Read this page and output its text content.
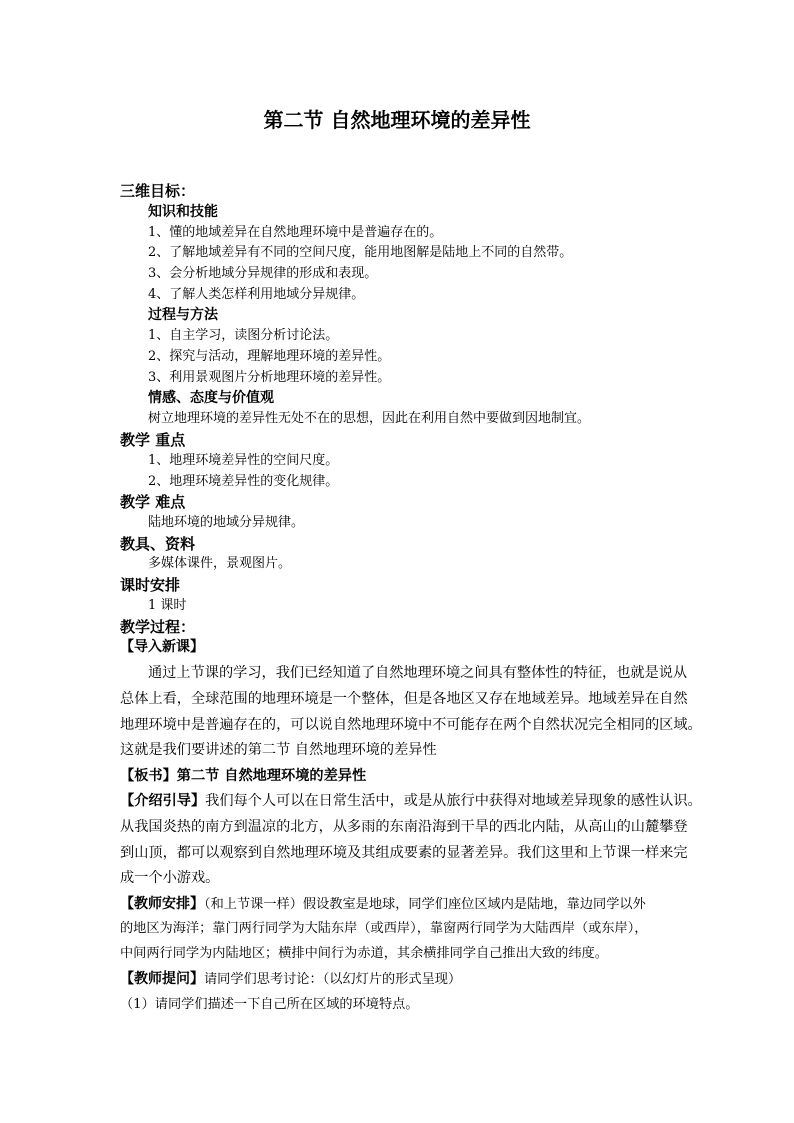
第二节 自然地理环境的差异性
三维目标：
知识和技能
1、懂的地域差异在自然地理环境中是普遍存在的。
2、了解地域差异有不同的空间尺度，能用地图解是陆地上不同的自然带。
3、会分析地域分异规律的形成和表现。
4、了解人类怎样利用地域分异规律。
过程与方法
1、自主学习，读图分析讨论法。
2、探究与活动，理解地理环境的差异性。
3、利用景观图片分析地理环境的差异性。
情感、态度与价值观
树立地理环境的差异性无处不在的思想，因此在利用自然中要做到因地制宜。
教学 重点
1、地理环境差异性的空间尺度。
2、地理环境差异性的变化规律。
教学 难点
陆地环境的地域分异规律。
教具、资料
多媒体课件，景观图片。
课时安排
1 课时
教学过程：
【导入新课】
通过上节课的学习，我们已经知道了自然地理环境之间具有整体性的特征，也就是说从
总体上看，全球范围的地理环境是一个整体，但是各地区又存在地域差异。地域差异在自然
地理环境中是普遍存在的，可以说自然地理环境中不可能存在两个自然状况完全相同的区域。
这就是我们要讲述的第二节 自然地理环境的差异性
【板书】第二节 自然地理环境的差异性
【介绍引导】我们每个人可以在日常生活中，或是从旅行中获得对地域差异现象的感性认识。
从我国炎热的南方到温凉的北方，从多雨的东南沿海到干旱的西北内陆，从高山的山麓攀登
到山顶，都可以观察到自然地理环境及其组成要素的显著差异。我们这里和上节课一样来完
成一个小游戏。
【教师安排】（和上节课一样）假设教室是地球，同学们座位区域内是陆地，靠边同学以外
的地区为海洋；靠门两行同学为大陆东岸（或西岸），靠窗两行同学为大陆西岸（或东岸），
中间两行同学为内陆地区；横排中间行为赤道，其余横排同学自己推出大致的纬度。
【教师提问】请同学们思考讨论：（以幻灯片的形式呈现）
（1）请同学们描述一下自己所在区域的环境特点。
